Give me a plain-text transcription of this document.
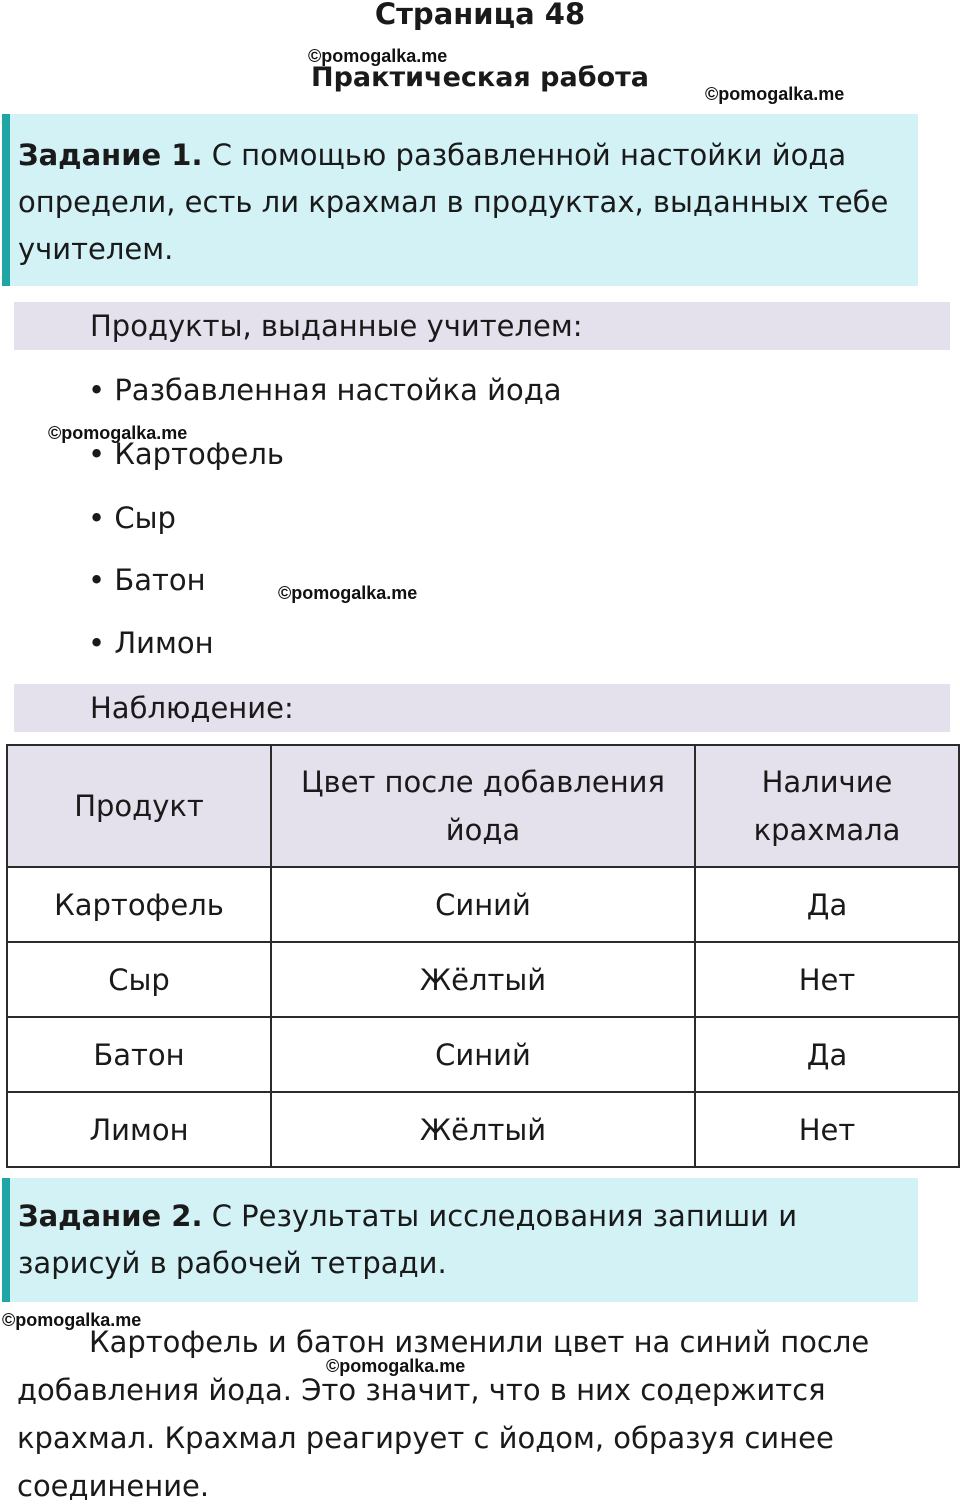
Страница 48
Практическая работа
©pomogalka.me
©pomogalka.me
©pomogalka.me
©pomogalka.me
©pomogalka.me
©pomogalka.me
Задание 1. С помощью разбавленной настойки йода определи, есть ли крахмал в продуктах, выданных тебе учителем.
Продукты, выданные учителем:
• Разбавленная настойка йода
• Картофель
• Сыр
• Батон
• Лимон
Наблюдение:
Продукт	Цвет после добавления йода	Наличие крахмала
Картофель	Синий	Да
Сыр	Жёлтый	Нет
Батон	Синий	Да
Лимон	Жёлтый	Нет
Задание 2. С Результаты исследования запиши и зарисуй в рабочей тетради.
Картофель и батон изменили цвет на синий после добавления йода. Это значит, что в них содержится крахмал. Крахмал реагирует с йодом, образуя синее соединение.
